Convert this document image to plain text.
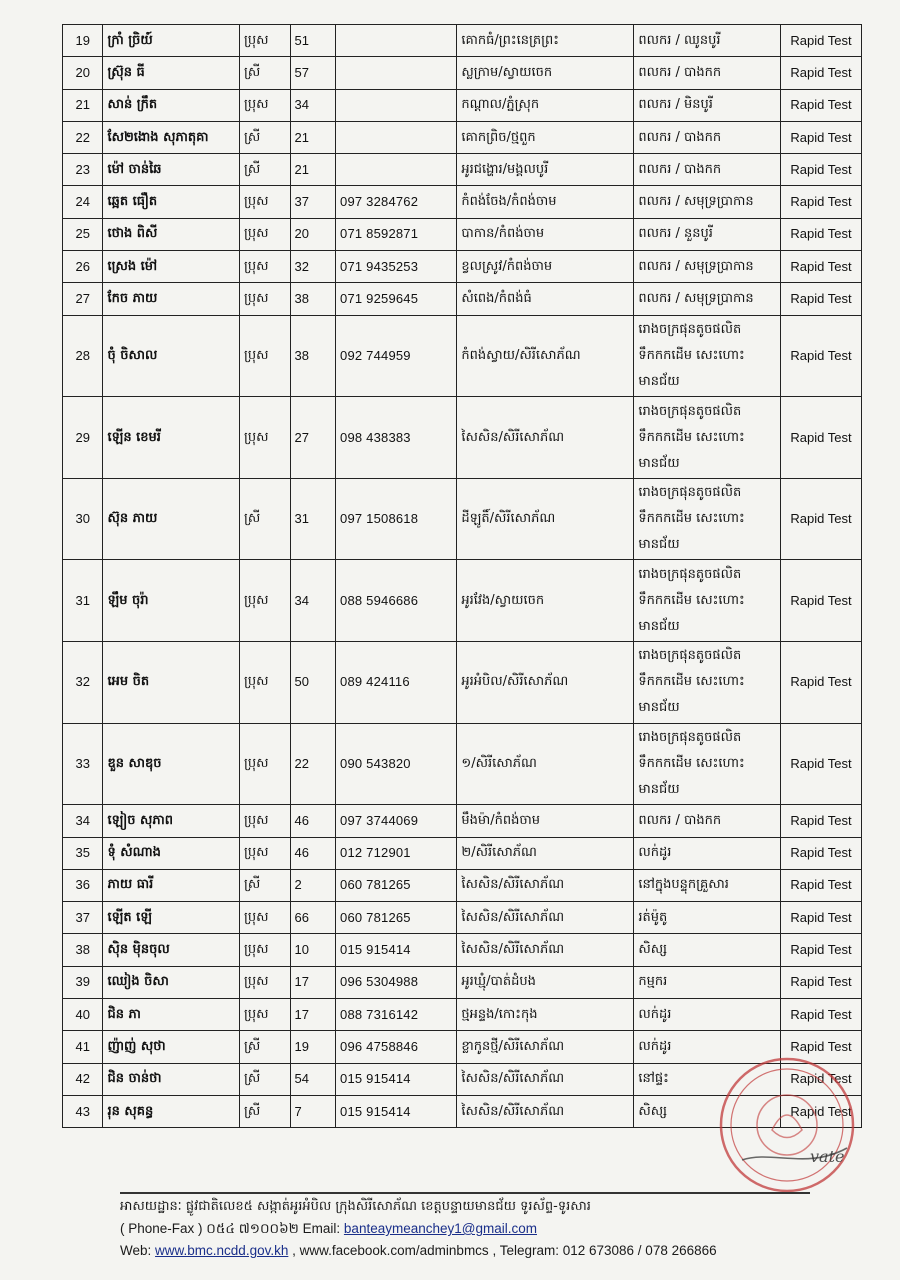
19	ក្រាំ ច្រិយ៍	ប្រុស	51		គោកធំ/ព្រះនេត្រព្រះ	ពលករ / ឈូនបូរី	Rapid Test
20	ស្រ៊ុន ធី	ស្រី	57		ស្លក្រាម/ស្វាយចេក	ពលករ / បាងកក	Rapid Test
21	សាន់ ក្រឹត	ប្រុស	34		កណ្ដាល/ភ្នំស្រុក	ពលករ / មិនបូរី	Rapid Test
22	សែ២ងោង សុភាតុគា	ស្រី	21		គោកព្រិច/ថ្មពួក	ពលករ / បាងកក	Rapid Test
23	ម៉ៅ ចាន់ឆៃ	ស្រី	21		អូរជង្ហោរ/មង្គលបូរី	ពលករ / បាងកក	Rapid Test
24	ឆ្អេត ធឿត	ប្រុស	37	097 3284762	កំពង់ចែង/កំពង់ចាម	ពលករ / សមុទ្រប្រាកាន	Rapid Test
25	ថោង ពិសី	ប្រុស	20	071 8592871	បាកាន/កំពង់ចាម	ពលករ / នួនបូរី	Rapid Test
26	ស្រេង ម៉ៅ	ប្រុស	32	071 9435253	ខ្វលស្រូវ/កំពង់ចាម	ពលករ / សមុទ្រប្រាកាន	Rapid Test
27	កែច ភាយ	ប្រុស	38	071 9259645	សំពេង/កំពង់ធំ	ពលករ / សមុទ្រប្រាកាន	Rapid Test
28	ចុំ ចិសាល	ប្រុស	38	092 744959	កំពង់ស្វាយ/សិរីសោភ័ណ	រោងចក្រផុនតូចផលិត ទឹកកកដើម សេះហោះ មានជ័យ	Rapid Test
29	ឡើន ខេមរី	ប្រុស	27	098 438383	សៃសិន/សិរីសោភ័ណ	រោងចក្រផុនតូចផលិត ទឹកកកដើម សេះហោះ មានជ័យ	Rapid Test
30	ស៊ុន ភាយ	ស្រី	31	097 1508618	ដីឡូតិ៍/សិរីសោភ័ណ	រោងចក្រផុនតូចផលិត ទឹកកកដើម សេះហោះ មានជ័យ	Rapid Test
31	ឡឹម ចុរ៉ា	ប្រុស	34	088 5946686	អូរវែង/ស្វាយចេក	រោងចក្រផុនតូចផលិត ទឹកកកដើម សេះហោះ មានជ័យ	Rapid Test
32	អេម ចិត	ប្រុស	50	089 424116	អូរអំបិល/សិរីសោភ័ណ	រោងចក្រផុនតូចផលិត ទឹកកកដើម សេះហោះ មានជ័យ	Rapid Test
33	ឌួន សាឌុច	ប្រុស	22	090 543820	១/សិរីសោភ័ណ	រោងចក្រផុនតូចផលិត ទឹកកកដើម សេះហោះ មានជ័យ	Rapid Test
34	ឡៀច សុភាព	ប្រុស	46	097 3744069	មឹងម៉ា/កំពង់ចាម	ពលករ / បាងកក	Rapid Test
35	ទុំ សំណាង	ប្រុស	46	012 712901	២/សិរីសោភ័ណ	លក់ដូរ	Rapid Test
36	ភាយ ធារី	ស្រី	2	060 781265	សៃសិន/សិរីសោភ័ណ	នៅក្នុងបន្ទុកគ្រួសារ	Rapid Test
37	ឡើត ឡើ	ប្រុស	66	060 781265	សៃសិន/សិរីសោភ័ណ	រត់ម៉ូតូ	Rapid Test
38	ស៊ិន ម៉ិនចុល	ប្រុស	10	015 915414	សៃសិន/សិរីសោភ័ណ	សិស្ស	Rapid Test
39	ឈៀង ចិសា	ប្រុស	17	096 5304988	អូរឃ្មុំ/បាត់ដំបង	កម្មករ	Rapid Test
40	ជិន ភា	ប្រុស	17	088 7316142	ថ្មអន្ទង/កោះកុង	លក់ដូរ	Rapid Test
41	ញ៉ាញ់ សុថា	ស្រី	19	096 4758846	ខ្លាកូនថ្មី/សិរីសោភ័ណ	លក់ដូរ	Rapid Test
42	ជិន ចាន់ថា	ស្រី	54	015 915414	សៃសិន/សិរីសោភ័ណ	នៅផ្ទះ	Rapid Test
43	រុន សុគន្ធ	ស្រី	7	015 915414	សៃសិន/សិរីសោភ័ណ	សិស្ស	Rapid Test
vate
អាសយដ្ឋានៈ ផ្លូវជាតិលេខ៥ សង្កាត់អូរអំបិល ក្រុងសិរីសោភ័ណ ខេត្តបន្ទាយមានជ័យ ទូរស័ព្ទ-ទូរសារ
( Phone-Fax ) ០៥៤ ៧១០០៦២ Email: banteaymeanchey1@gmail.com
Web: www.bmc.ncdd.gov.kh , www.facebook.com/adminbmcs , Telegram: 012 673086 / 078 266866
